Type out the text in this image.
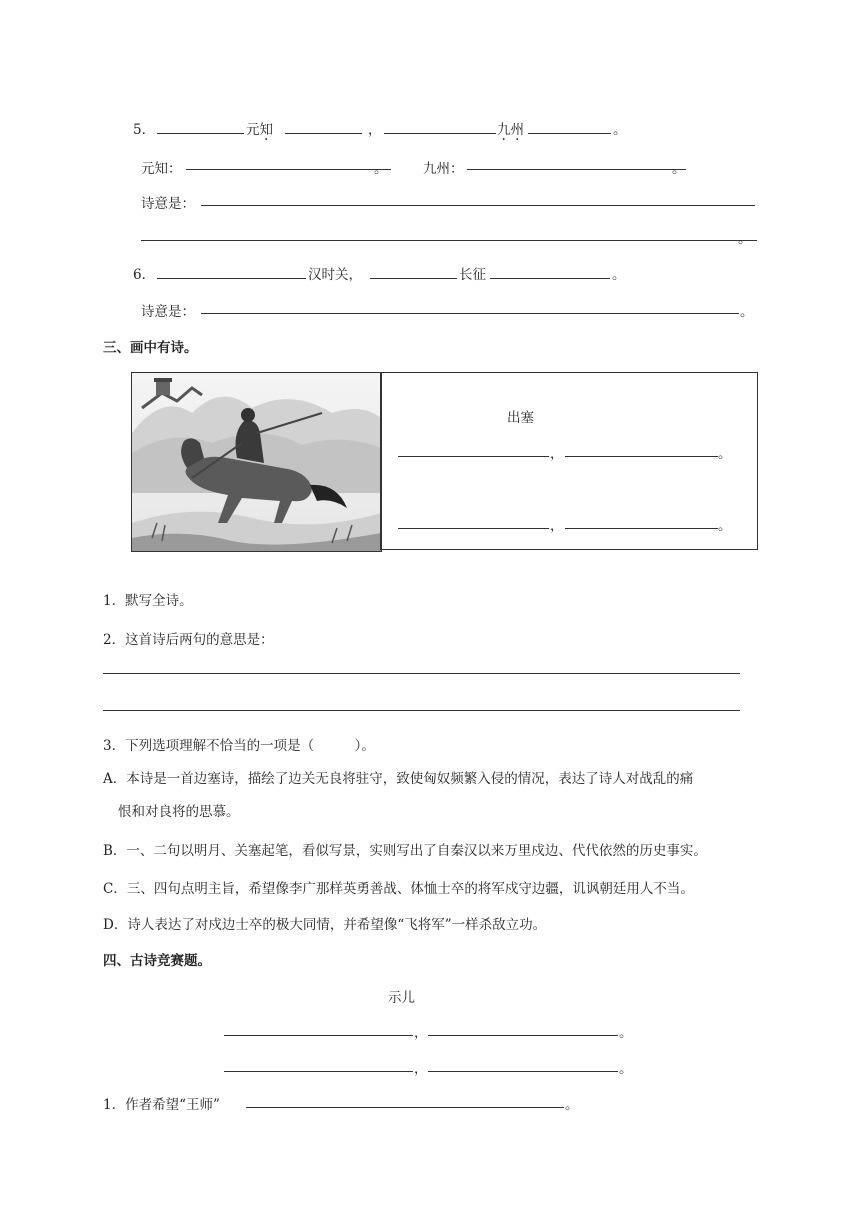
5．	元知	，	九州	。
元知：	。	九州：	。
诗意是：
。
6．	汉时关，	长征	。
诗意是：	。
三、画中有诗。
出塞
，	。
，	。
1．默写全诗。
2．这首诗后两句的意思是：
3．下列选项理解不恰当的一项是（　　　）。
A．本诗是一首边塞诗，描绘了边关无良将驻守，致使匈奴频繁入侵的情况，表达了诗人对战乱的痛
恨和对良将的思慕。
B．一、二句以明月、关塞起笔，看似写景，实则写出了自秦汉以来万里戍边、代代依然的历史事实。
C．三、四句点明主旨，希望像李广那样英勇善战、体恤士卒的将军戍守边疆，讥讽朝廷用人不当。
D．诗人表达了对戍边士卒的极大同情，并希望像“飞将军”一样杀敌立功。
四、古诗竞赛题。
示儿
，	。
，	。
1．作者希望“王师”	。
